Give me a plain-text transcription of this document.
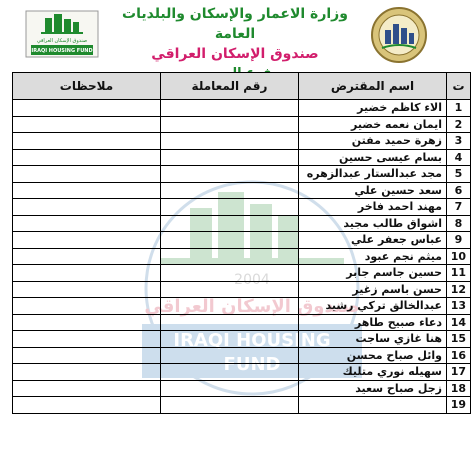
صندوق الإسكان العراقي
IRAQI HOUSING FUND
وزارة الاعمار والإسكان والبلديات العامة
صندوق الإسكان العراقي
2004
صندوق الإسكان العراقي
IRAQI HOUSING
FUND
ت	اسم المقترض	رقم المعاملة	ملاحظات
1	الاء كاظم خضير		
2	ايمان نعمه خضير		
3	زهرة حميد مفتن		
4	بسام عيسى حسين		
5	مجد عبدالستار عبدالزهره		
6	سعد حسين علي		
7	مهند احمد فاخر		
8	اشواق طالب مجيد		
9	عباس جعفر علي		
10	ميثم نجم عبود		
11	حسين جاسم جابر		
12	حسن باسم زغير		
13	عبدالخالق تركي رشيد		
14	دعاء صبيح طاهر		
15	هنا غازي ساجت		
16	وائل صباح محسن		
17	سهيله نوري متليك		
18	زجل صباح سعيد		
19			
